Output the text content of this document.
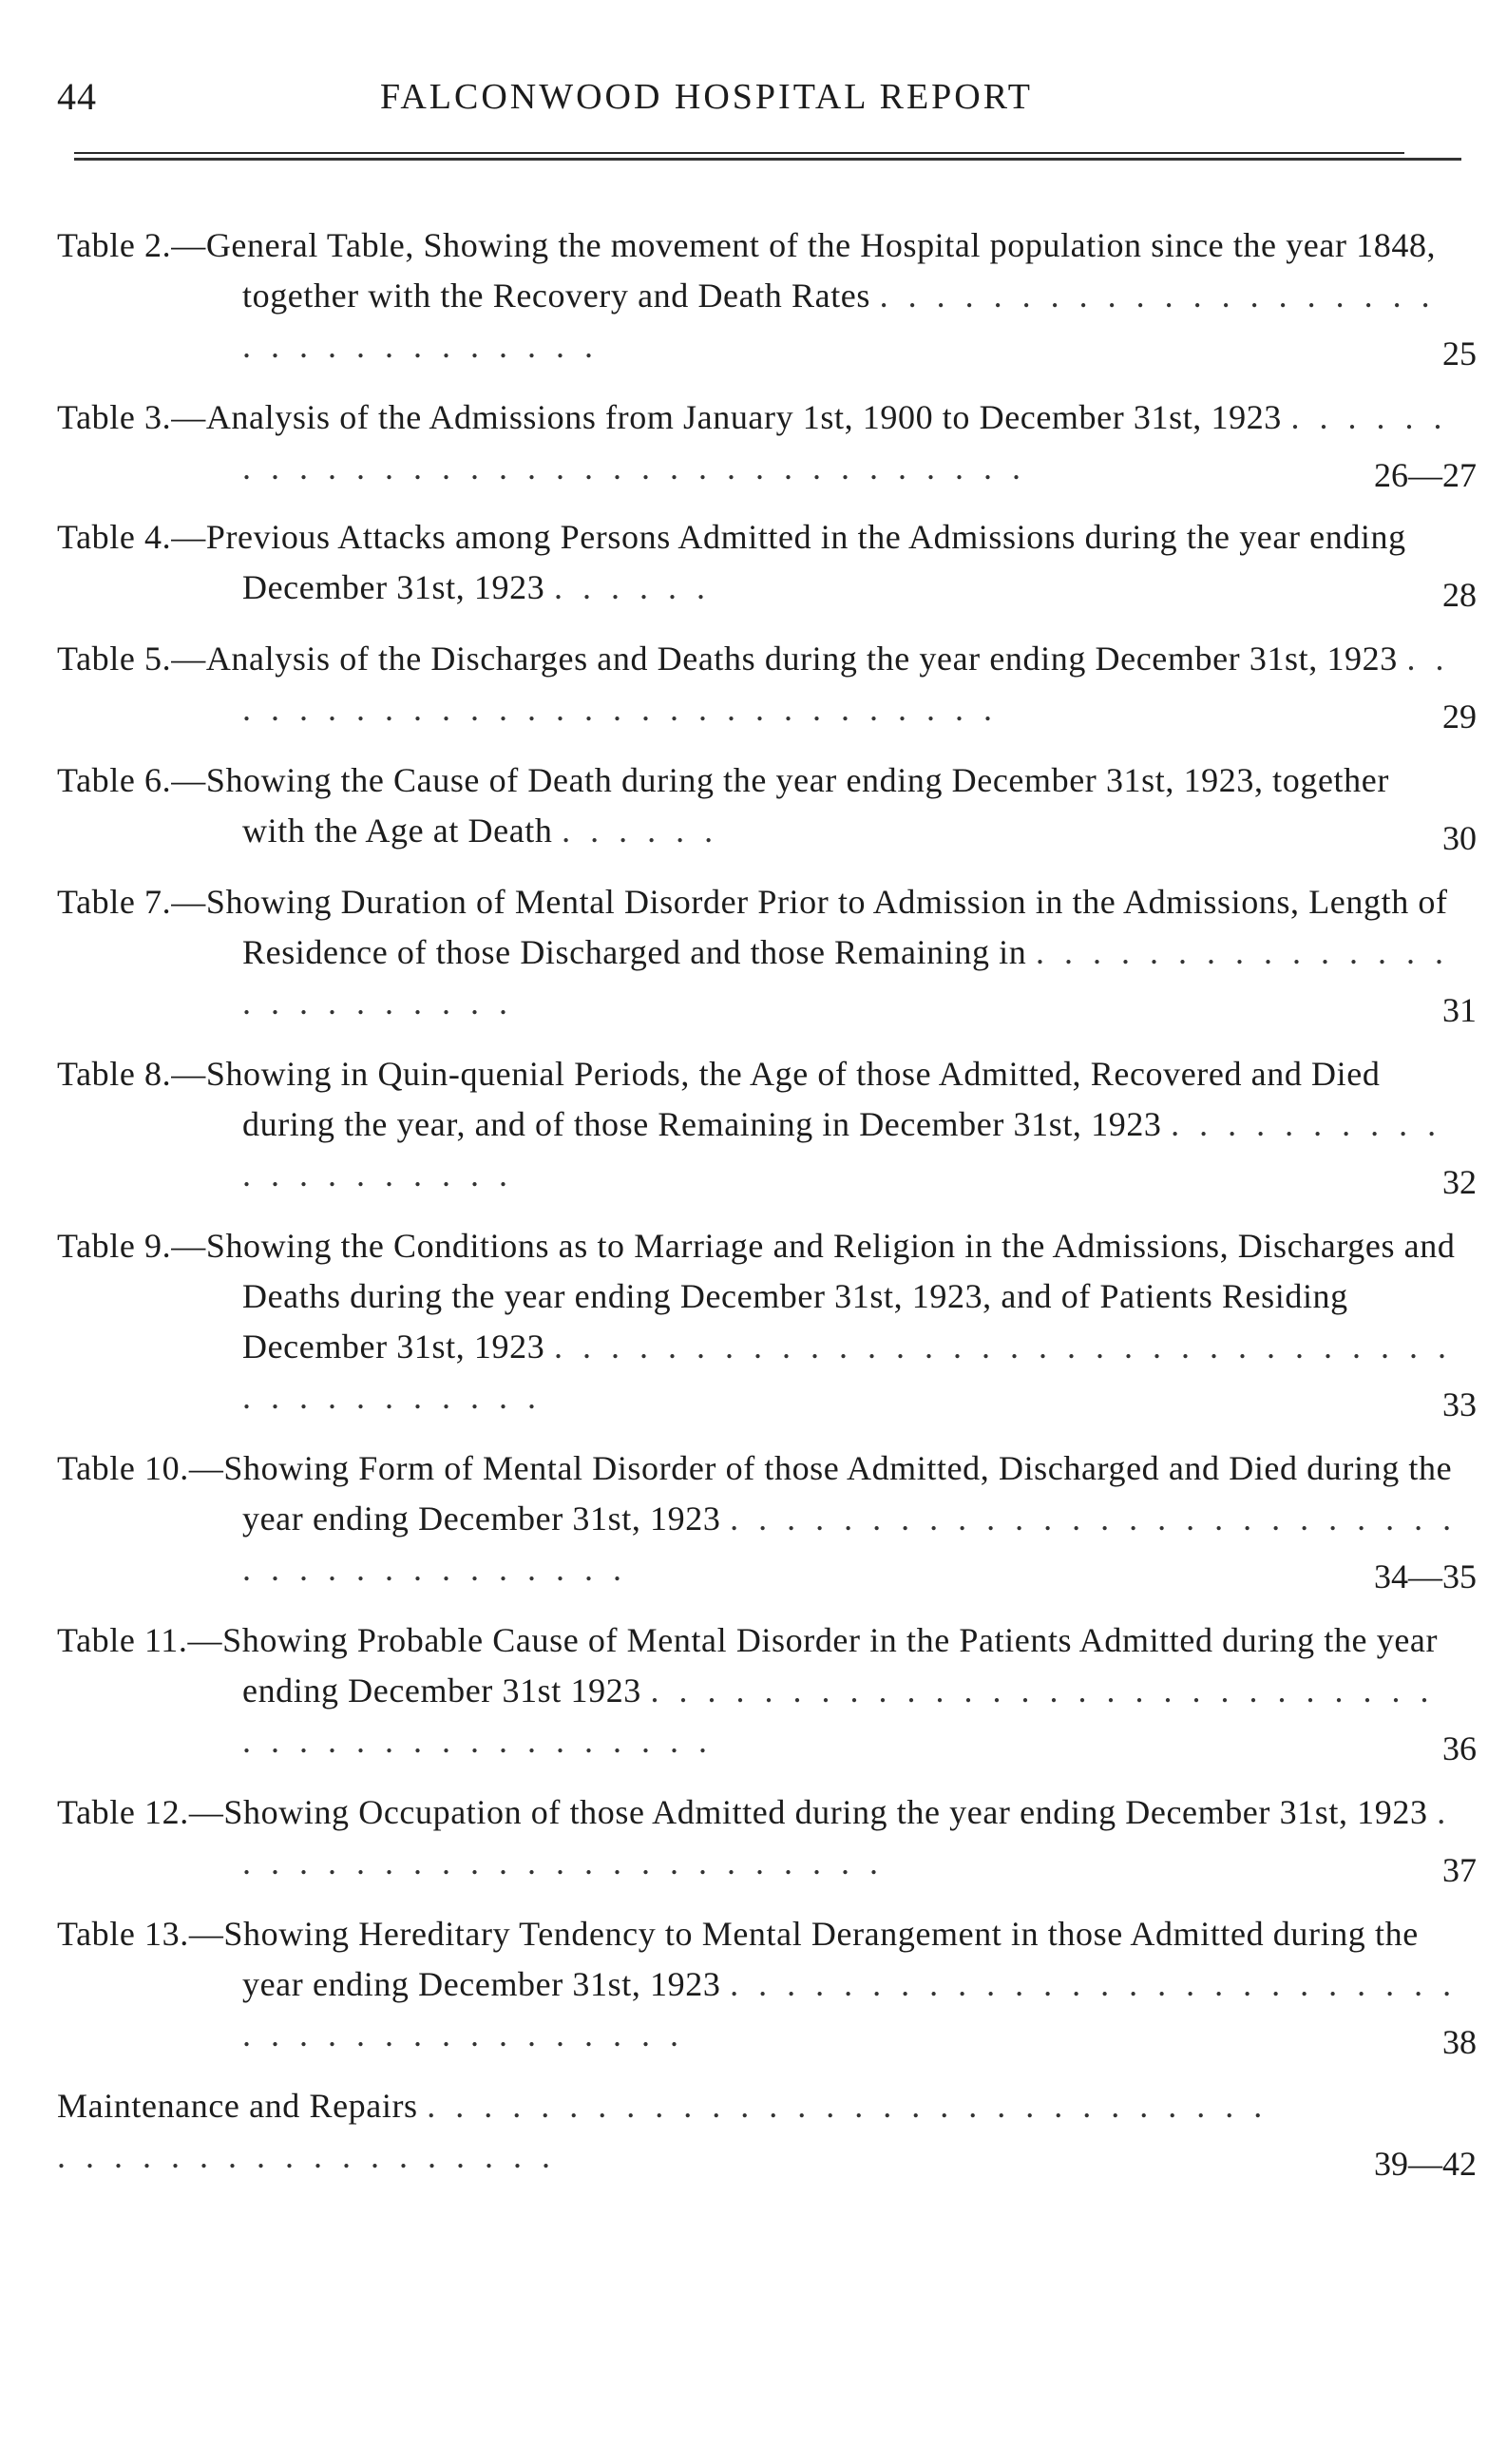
44	FALCONWOOD HOSPITAL REPORT
Table 2.—General Table, Showing the movement of the Hospital population since the year 1848, together with the Recovery and Death Rates . . . . . . . . . . . . . . . . . . . . . . . . . . . . . . . . .	25
Table 3.—Analysis of the Admissions from January 1st, 1900 to December 31st, 1923 . . . . . . . . . . . . . . . . . . . . . . . . . . . . . . . . . .	26—27
Table 4.—Previous Attacks among Persons Admitted in the Admissions during the year ending December 31st, 1923 . . . . . .	28
Table 5.—Analysis of the Discharges and Deaths during the year ending December 31st, 1923 . . . . . . . . . . . . . . . . . . . . . . . . . . . . .	29
Table 6.—Showing the Cause of Death during the year ending December 31st, 1923, together with the Age at Death . . . . . .	30
Table 7.—Showing Duration of Mental Disorder Prior to Admission in the Admissions, Length of Residence of those Discharged and those Remaining in . . . . . . . . . . . . . . . . . . . . . . . . .	31
Table 8.—Showing in Quin-quenial Periods, the Age of those Admitted, Recovered and Died during the year, and of those Remaining in December 31st, 1923 . . . . . . . . . . . . . . . . . . . .	32
Table 9.—Showing the Conditions as to Marriage and Religion in the Admissions, Discharges and Deaths during the year ending December 31st, 1923, and of Patients Residing December 31st, 1923 . . . . . . . . . . . . . . . . . . . . . . . . . . . . . . . . . . . . . . . . . . .	33
Table 10.—Showing Form of Mental Disorder of those Admitted, Discharged and Died during the year ending December 31st, 1923 . . . . . . . . . . . . . . . . . . . . . . . . . . . . . . . . . . . . . . . .	34—35
Table 11.—Showing Probable Cause of Mental Disorder in the Patients Admitted during the year ending December 31st 1923 . . . . . . . . . . . . . . . . . . . . . . . . . . . . . . . . . . . . . . . . . . . . .	36
Table 12.—Showing Occupation of those Admitted during the year ending December 31st, 1923 . . . . . . . . . . . . . . . . . . . . . . . .	37
Table 13.—Showing Hereditary Tendency to Mental Derangement in those Admitted during the year ending December 31st, 1923 . . . . . . . . . . . . . . . . . . . . . . . . . . . . . . . . . . . . . . . . . .	38
Maintenance and Repairs . . . . . . . . . . . . . . . . . . . . . . . . . . . . . . . . . . . . . . . . . . . . . . . .	39—42
